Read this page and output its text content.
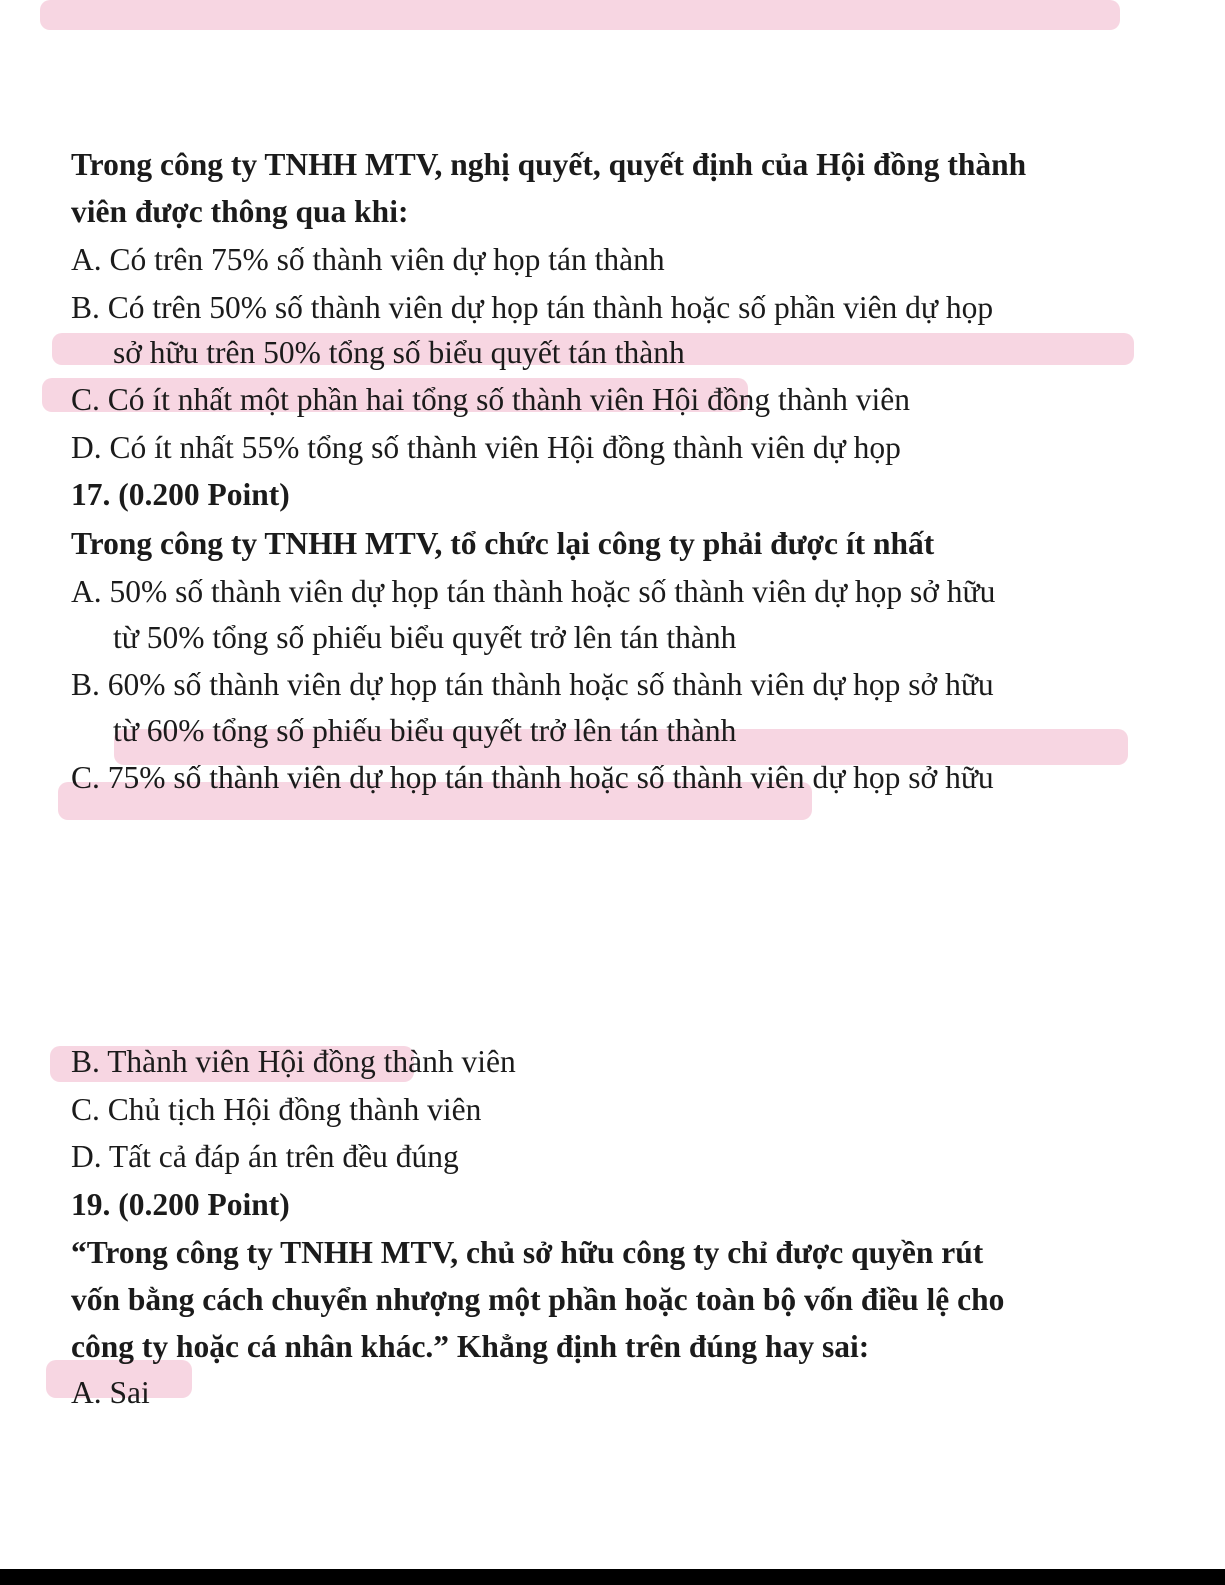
Trong công ty TNHH MTV, nghị quyết, quyết định của Hội đồng thành
viên được thông qua khi:
A. Có trên 75% số thành viên dự họp tán thành
B. Có trên 50% số thành viên dự họp tán thành hoặc số phần viên dự họp
sở hữu trên 50% tổng số biểu quyết tán thành
C. Có ít nhất một phần hai tổng số thành viên Hội đồng thành viên
D. Có ít nhất 55% tổng số thành viên Hội đồng thành viên dự họp
17. (0.200 Point)
Trong công ty TNHH MTV, tổ chức lại công ty phải được ít nhất
A. 50% số thành viên dự họp tán thành hoặc số thành viên dự họp sở hữu
từ 50% tổng số phiếu biểu quyết trở lên tán thành
B. 60% số thành viên dự họp tán thành hoặc số thành viên dự họp sở hữu
từ 60% tổng số phiếu biểu quyết trở lên tán thành
C. 75% số thành viên dự họp tán thành hoặc số thành viên dự họp sở hữu
B. Thành viên Hội đồng thành viên
C. Chủ tịch Hội đồng thành viên
D. Tất cả đáp án trên đều đúng
19. (0.200 Point)
“Trong công ty TNHH MTV, chủ sở hữu công ty chỉ được quyền rút
vốn bằng cách chuyển nhượng một phần hoặc toàn bộ vốn điều lệ cho
công ty hoặc cá nhân khác.” Khẳng định trên đúng hay sai:
A. Sai
